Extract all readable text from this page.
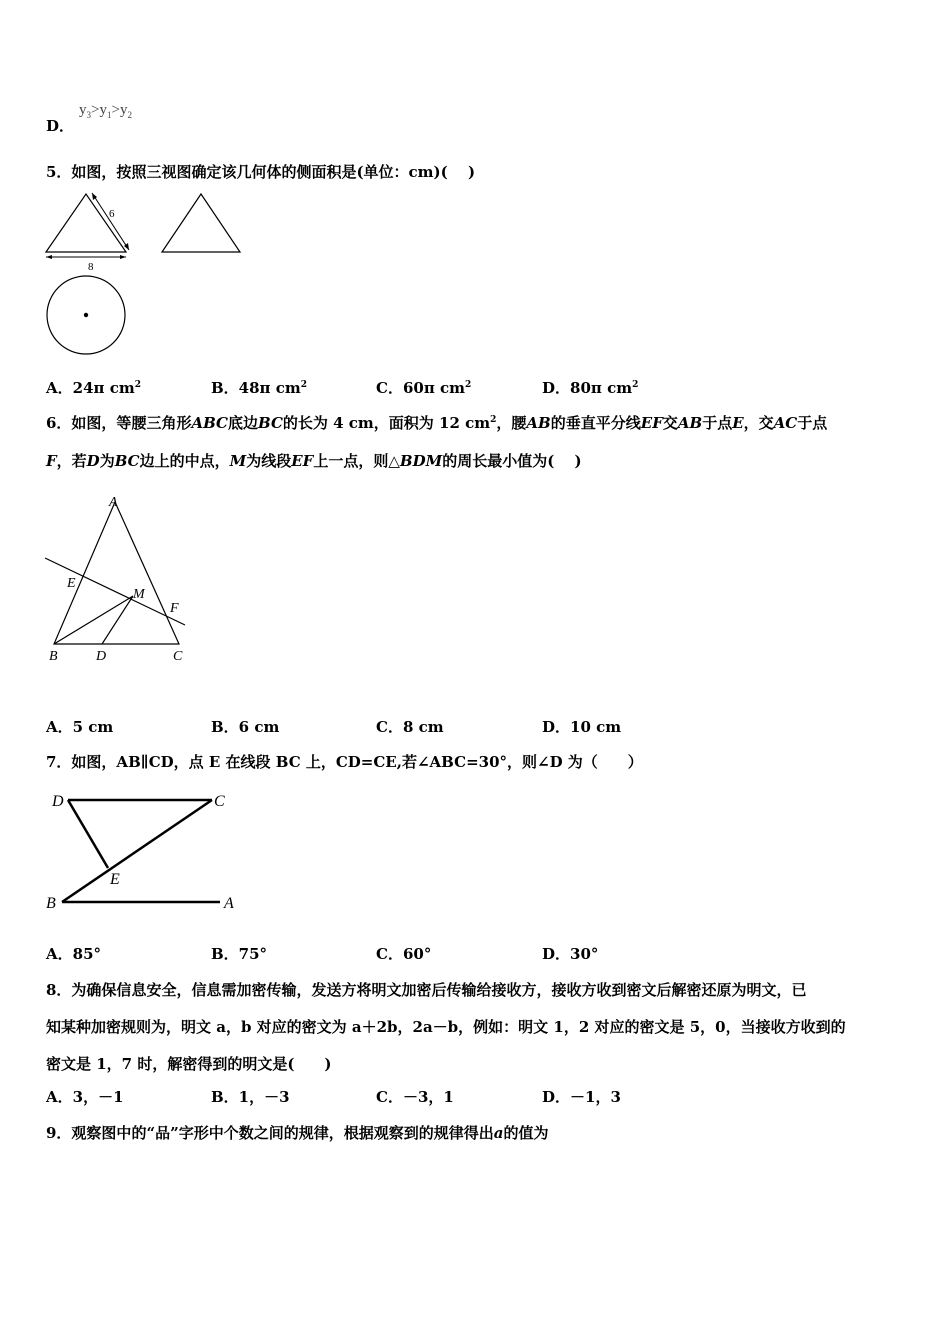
D．
$y_3>y_1>y_2$
5．如图，按照三视图确定该几何体的侧面积是(单位：cm)(　 )
6
8
A．24π $cm^2$	B．48π $cm^2$	C．60π $cm^2$	D．80π $cm^2$
6．如图，等腰三角形ABC底边BC的长为 4 cm，面积为 12 $cm^2$，腰AB的垂直平分线EF交AB于点E，交AC于点
F，若D为BC边上的中点，M为线段EF上一点，则△BDM的周长最小值为(　 )
A
E
M
F
B	D	C
A．5 cm	B．6 cm	C．8 cm	D．10 cm
7．如图，AB∥CD，点 E 在线段 BC 上，CD=CE,若∠ABC=30°，则∠D 为（　　）
D	C
E
B	A
A．85°	B．75°	C．60°	D．30°
8．为确保信息安全，信息需加密传输，发送方将明文加密后传输给接收方，接收方收到密文后解密还原为明文，已
知某种加密规则为，明文 a，b 对应的密文为 a＋2b，2a－b，例如：明文 1，2 对应的密文是 5，0，当接收方收到的
密文是 1，7 时，解密得到的明文是(　　)
A．3，－1	B．1，－3	C．－3，1	D．－1，3
9．观察图中的“品”字形中个数之间的规律，根据观察到的规律得出a的值为
